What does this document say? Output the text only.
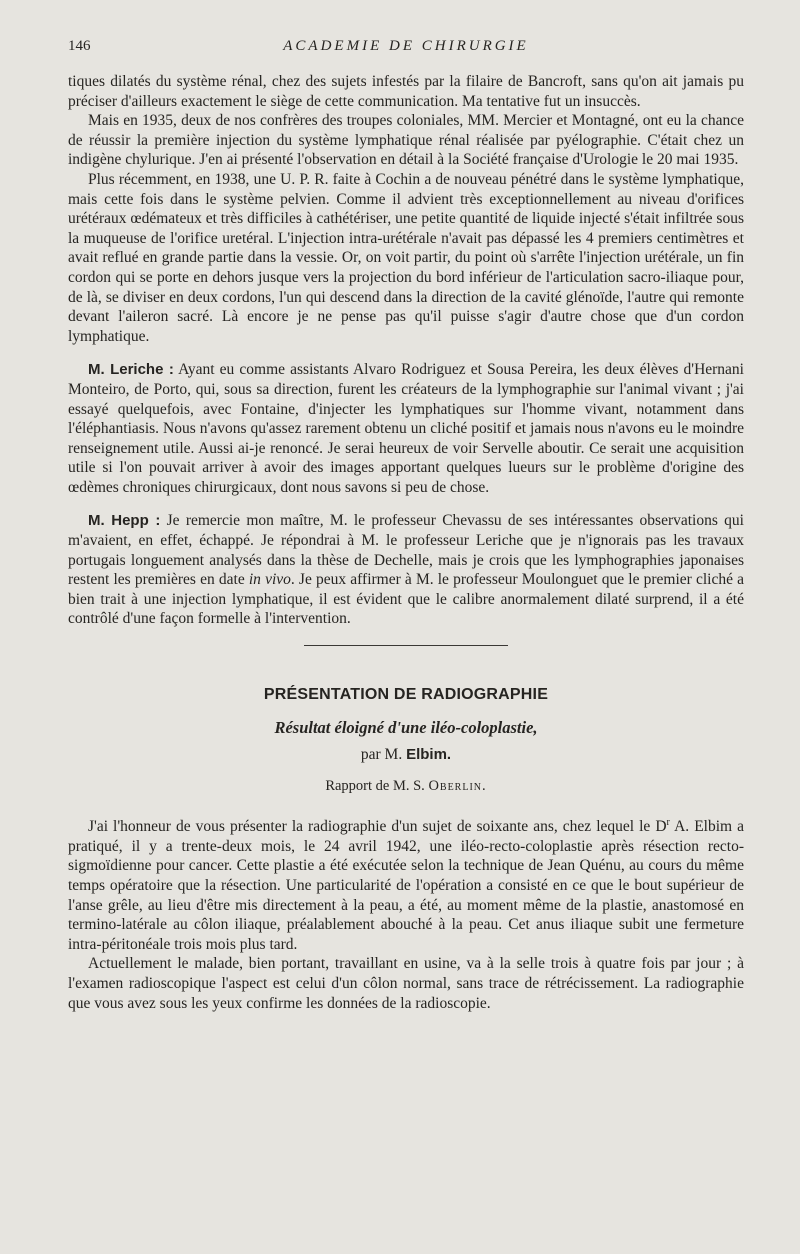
146	ACADEMIE DE CHIRURGIE

tiques dilatés du système rénal, chez des sujets infestés par la filaire de Bancroft, sans qu'on ait jamais pu préciser d'ailleurs exactement le siège de cette communication. Ma tentative fut un insuccès.

Mais en 1935, deux de nos confrères des troupes coloniales, MM. Mercier et Montagné, ont eu la chance de réussir la première injection du système lymphatique rénal réalisée par pyélographie. C'était chez un indigène chylurique. J'en ai présenté l'observation en détail à la Société française d'Urologie le 20 mai 1935.

Plus récemment, en 1938, une U. P. R. faite à Cochin a de nouveau pénétré dans le système lymphatique, mais cette fois dans le système pelvien. Comme il advient très exceptionnellement au niveau d'orifices urétéraux œdémateux et très difficiles à cathétériser, une petite quantité de liquide injecté s'était infiltrée sous la muqueuse de l'orifice uretéral. L'injection intra-urétérale n'avait pas dépassé les 4 premiers centimètres et avait reflué en grande partie dans la vessie. Or, on voit partir, du point où s'arrête l'injection urétérale, un fin cordon qui se porte en dehors jusque vers la projection du bord inférieur de l'articulation sacro-iliaque pour, de là, se diviser en deux cordons, l'un qui descend dans la direction de la cavité glénoïde, l'autre qui remonte devant l'aileron sacré. Là encore je ne pense pas qu'il puisse s'agir d'autre chose que d'un cordon lymphatique.

M. Leriche : Ayant eu comme assistants Alvaro Rodriguez et Sousa Pereira, les deux élèves d'Hernani Monteiro, de Porto, qui, sous sa direction, furent les créateurs de la lymphographie sur l'animal vivant ; j'ai essayé quelquefois, avec Fontaine, d'injecter les lymphatiques sur l'homme vivant, notamment dans l'éléphantiasis. Nous n'avons qu'assez rarement obtenu un cliché positif et jamais nous n'avons eu le moindre renseignement utile. Aussi ai-je renoncé. Je serai heureux de voir Servelle aboutir. Ce serait une acquisition utile si l'on pouvait arriver à avoir des images apportant quelques lueurs sur le problème d'origine des œdèmes chroniques chirurgicaux, dont nous savons si peu de chose.

M. Hepp : Je remercie mon maître, M. le professeur Chevassu de ses intéressantes observations qui m'avaient, en effet, échappé. Je répondrai à M. le professeur Leriche que je n'ignorais pas les travaux portugais longuement analysés dans la thèse de Dechelle, mais je crois que les lymphographies japonaises restent les premières en date in vivo. Je peux affirmer à M. le professeur Moulonguet que le premier cliché a bien trait à une injection lymphatique, il est évident que le calibre anormalement dilaté surprend, il a été contrôlé d'une façon formelle à l'intervention.

PRÉSENTATION DE RADIOGRAPHIE
Résultat éloigné d'une iléo-coloplastie,
par M. Elbim.
Rapport de M. S. Oberlin.

J'ai l'honneur de vous présenter la radiographie d'un sujet de soixante ans, chez lequel le $D^r$ A. Elbim a pratiqué, il y a trente-deux mois, le 24 avril 1942, une iléo-recto-coloplastie après résection recto-sigmoïdienne pour cancer. Cette plastie a été exécutée selon la technique de Jean Quénu, au cours du même temps opératoire que la résection. Une particularité de l'opération a consisté en ce que le bout supérieur de l'anse grêle, au lieu d'être mis directement à la peau, a été, au moment même de la plastie, anastomosé en termino-latérale au côlon iliaque, préalablement abouché à la peau. Cet anus iliaque subit une fermeture intra-péritonéale trois mois plus tard.

Actuellement le malade, bien portant, travaillant en usine, va à la selle trois à quatre fois par jour ; à l'examen radioscopique l'aspect est celui d'un côlon normal, sans trace de rétrécissement. La radiographie que vous avez sous les yeux confirme les données de la radioscopie.
